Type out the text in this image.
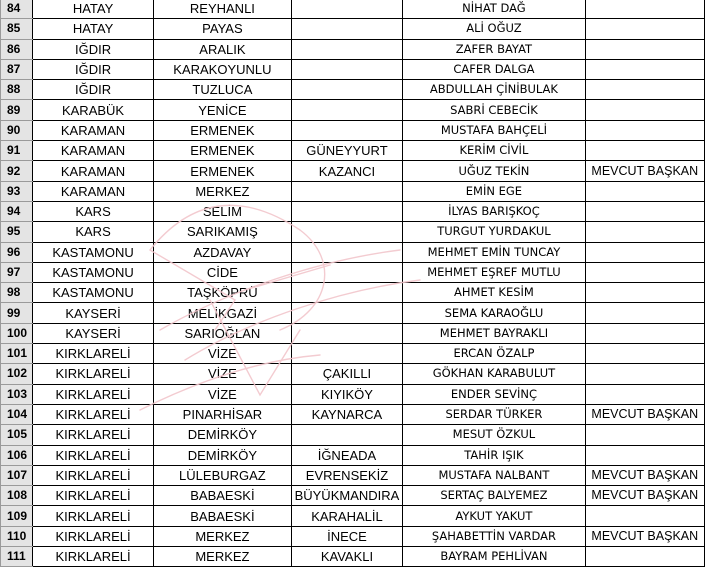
84	HATAY	REYHANLI		NİHAT DAĞ	
85	HATAY	PAYAS		ALİ OĞUZ	
86	IĞDIR	ARALIK		ZAFER BAYAT	
87	IĞDIR	KARAKOYUNLU		CAFER DALGA	
88	IĞDIR	TUZLUCA		ABDULLAH ÇİNİBULAK	
89	KARABÜK	YENİCE		SABRİ CEBECİK	
90	KARAMAN	ERMENEK		MUSTAFA BAHÇELİ	
91	KARAMAN	ERMENEK	GÜNEYYURT	KERİM CİVİL	
92	KARAMAN	ERMENEK	KAZANCI	UĞUZ TEKİN	MEVCUT BAŞKAN
93	KARAMAN	MERKEZ		EMİN EGE	
94	KARS	SELİM		İLYAS BARIŞKOÇ	
95	KARS	SARIKAMIŞ		TURGUT YURDAKUL	
96	KASTAMONU	AZDAVAY		MEHMET EMİN TUNCAY	
97	KASTAMONU	CİDE		MEHMET EŞREF MUTLU	
98	KASTAMONU	TAŞKÖPRÜ		AHMET KESİM	
99	KAYSERİ	MELİKGAZİ		SEMA KARAOĞLU	
100	KAYSERİ	SARIOĞLAN		MEHMET BAYRAKLI	
101	KIRKLARELİ	VİZE		ERCAN ÖZALP	
102	KIRKLARELİ	VİZE	ÇAKILLI	GÖKHAN KARABULUT	
103	KIRKLARELİ	VİZE	KIYIKÖY	ENDER SEVİNÇ	
104	KIRKLARELİ	PINARHİSAR	KAYNARCA	SERDAR TÜRKER	MEVCUT BAŞKAN
105	KIRKLARELİ	DEMİRKÖY		MESUT ÖZKUL	
106	KIRKLARELİ	DEMİRKÖY	İĞNEADA	TAHİR IŞIK	
107	KIRKLARELİ	LÜLEBURGAZ	EVRENSEKİZ	MUSTAFA NALBANT	MEVCUT BAŞKAN
108	KIRKLARELİ	BABAESKİ	BÜYÜKMANDIRA	SERTAÇ BALYEMEZ	MEVCUT BAŞKAN
109	KIRKLARELİ	BABAESKİ	KARAHALİL	AYKUT YAKUT	
110	KIRKLARELİ	MERKEZ	İNECE	ŞAHABETTİN VARDAR	MEVCUT BAŞKAN
111	KIRKLARELİ	MERKEZ	KAVAKLI	BAYRAM PEHLİVAN	
